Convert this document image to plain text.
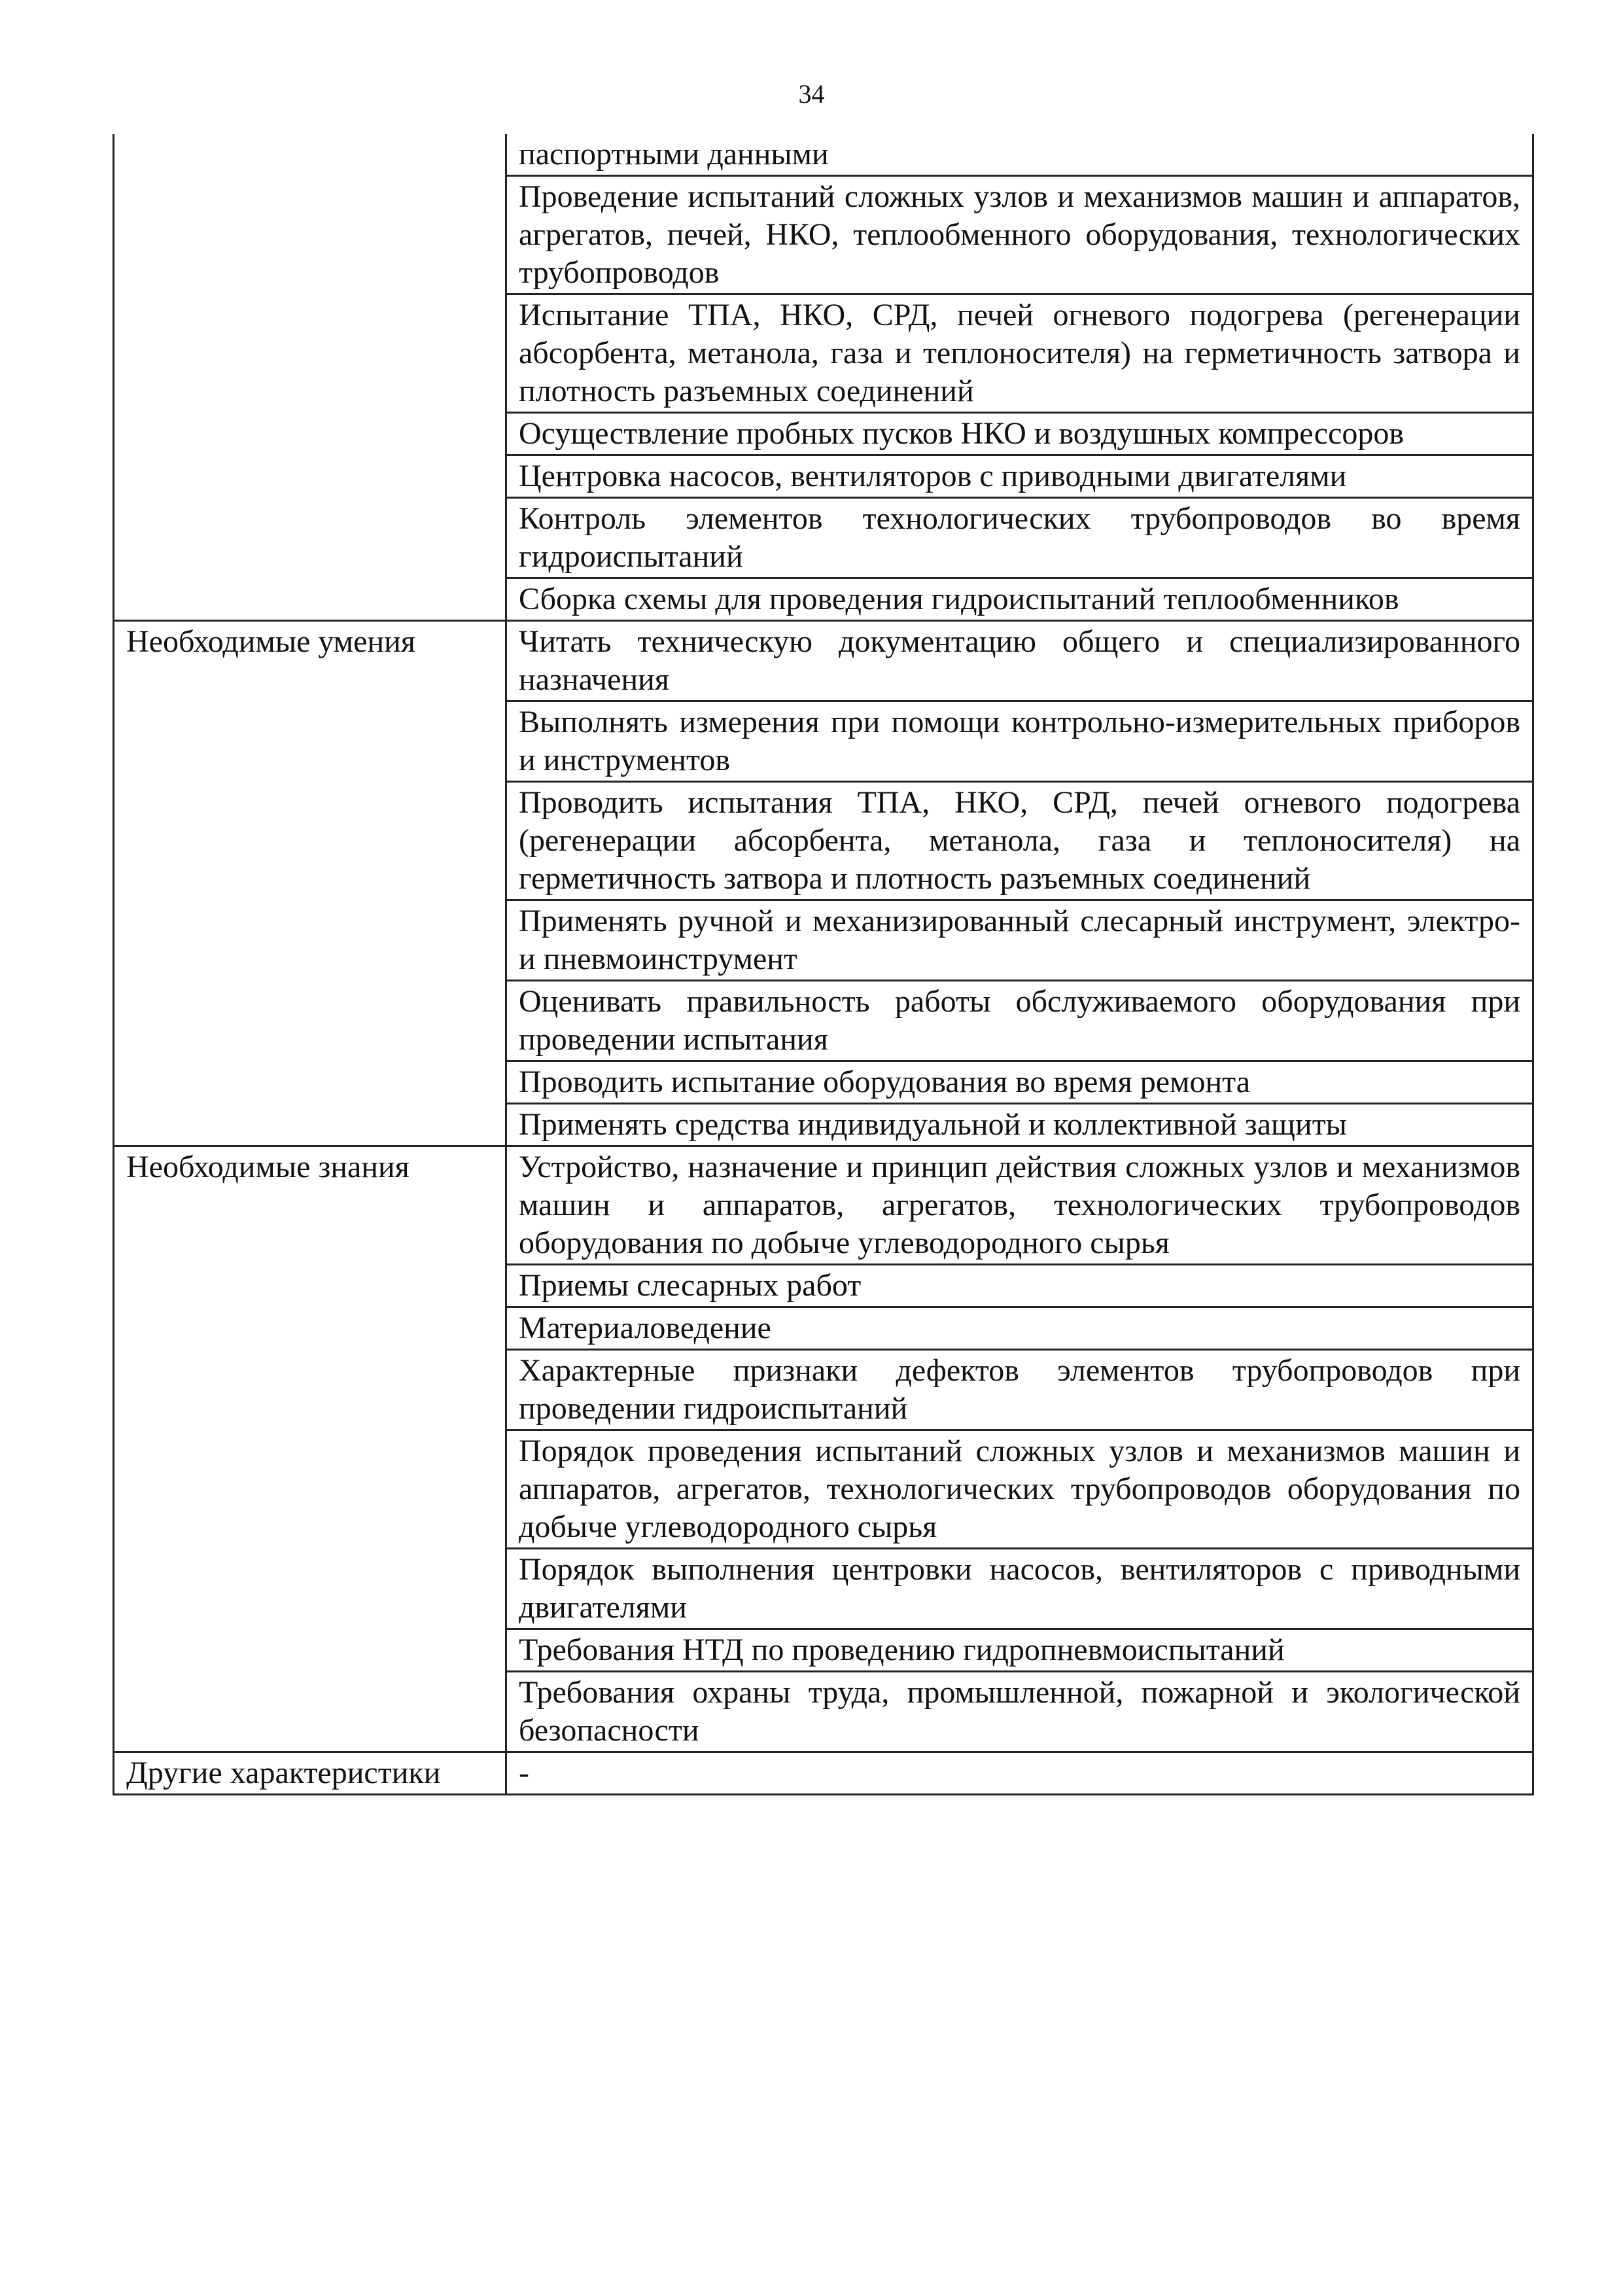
34
	паспортными данными
	Проведение испытаний сложных узлов и механизмов машин и аппаратов, агрегатов, печей, НКО, теплообменного оборудования, технологических трубопроводов
	Испытание ТПА, НКО, СРД, печей огневого подогрева (регенерации абсорбента, метанола, газа и теплоносителя) на герметичность затвора и плотность разъемных соединений
	Осуществление пробных пусков НКО и воздушных компрессоров
	Центровка насосов, вентиляторов с приводными двигателями
	Контроль элементов технологических трубопроводов во время гидроиспытаний
	Сборка схемы для проведения гидроиспытаний теплообменников
Необходимые умения	Читать техническую документацию общего и специализированного назначения
	Выполнять измерения при помощи контрольно-измерительных приборов и инструментов
	Проводить испытания ТПА, НКО, СРД, печей огневого подогрева (регенерации абсорбента, метанола, газа и теплоносителя) на герметичность затвора и плотность разъемных соединений
	Применять ручной и механизированный слесарный инструмент, электро- и пневмоинструмент
	Оценивать правильность работы обслуживаемого оборудования при проведении испытания
	Проводить испытание оборудования во время ремонта
	Применять средства индивидуальной и коллективной защиты
Необходимые знания	Устройство, назначение и принцип действия сложных узлов и механизмов машин и аппаратов, агрегатов, технологических трубопроводов оборудования по добыче углеводородного сырья
	Приемы слесарных работ
	Материаловедение
	Характерные признаки дефектов элементов трубопроводов при проведении гидроиспытаний
	Порядок проведения испытаний сложных узлов и механизмов машин и аппаратов, агрегатов, технологических трубопроводов оборудования по добыче углеводородного сырья
	Порядок выполнения центровки насосов, вентиляторов с приводными двигателями
	Требования НТД по проведению гидропневмоиспытаний
	Требования охраны труда, промышленной, пожарной и экологической безопасности
Другие характеристики	-
